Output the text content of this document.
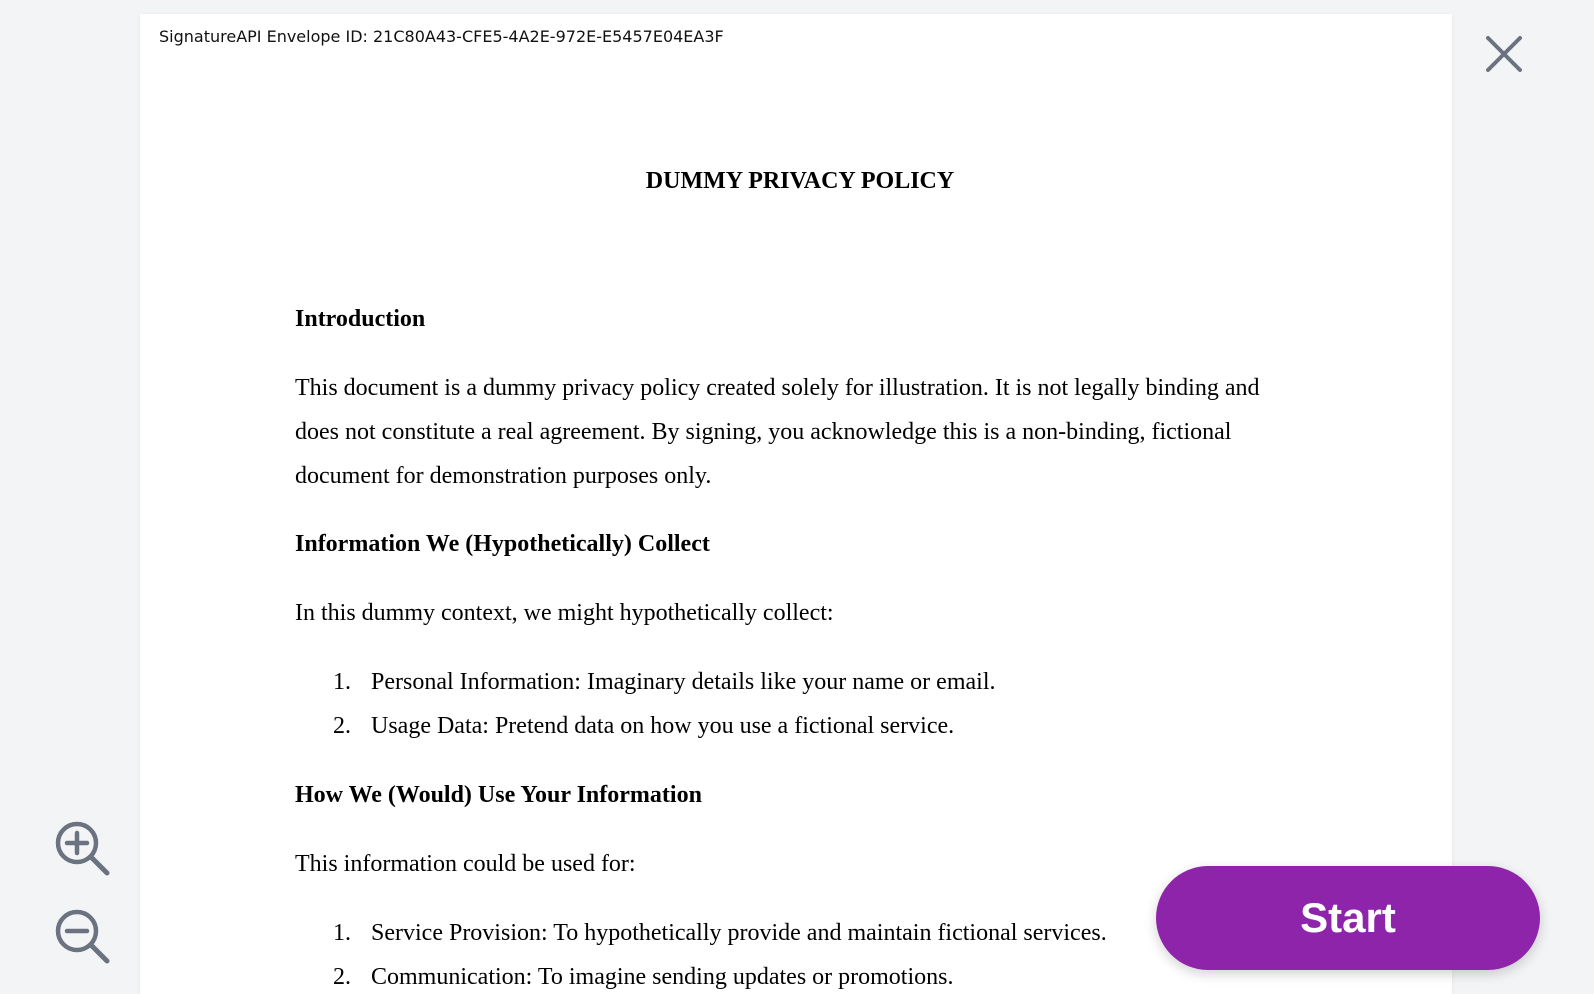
SignatureAPI Envelope ID: 21C80A43-CFE5-4A2E-972E-E5457E04EA3F
DUMMY PRIVACY POLICY
Introduction

This document is a dummy privacy policy created solely for illustration. It is not legally binding and does not constitute a real agreement. By signing, you acknowledge this is a non-binding, fictional document for demonstration purposes only.

Information We (Hypothetically) Collect

In this dummy context, we might hypothetically collect:

1. Personal Information: Imaginary details like your name or email.
2. Usage Data: Pretend data on how you use a fictional service.
How We (Would) Use Your Information

This information could be used for:

1. Service Provision: To hypothetically provide and maintain fictional services.
2. Communication: To imagine sending updates or promotions.
Start
